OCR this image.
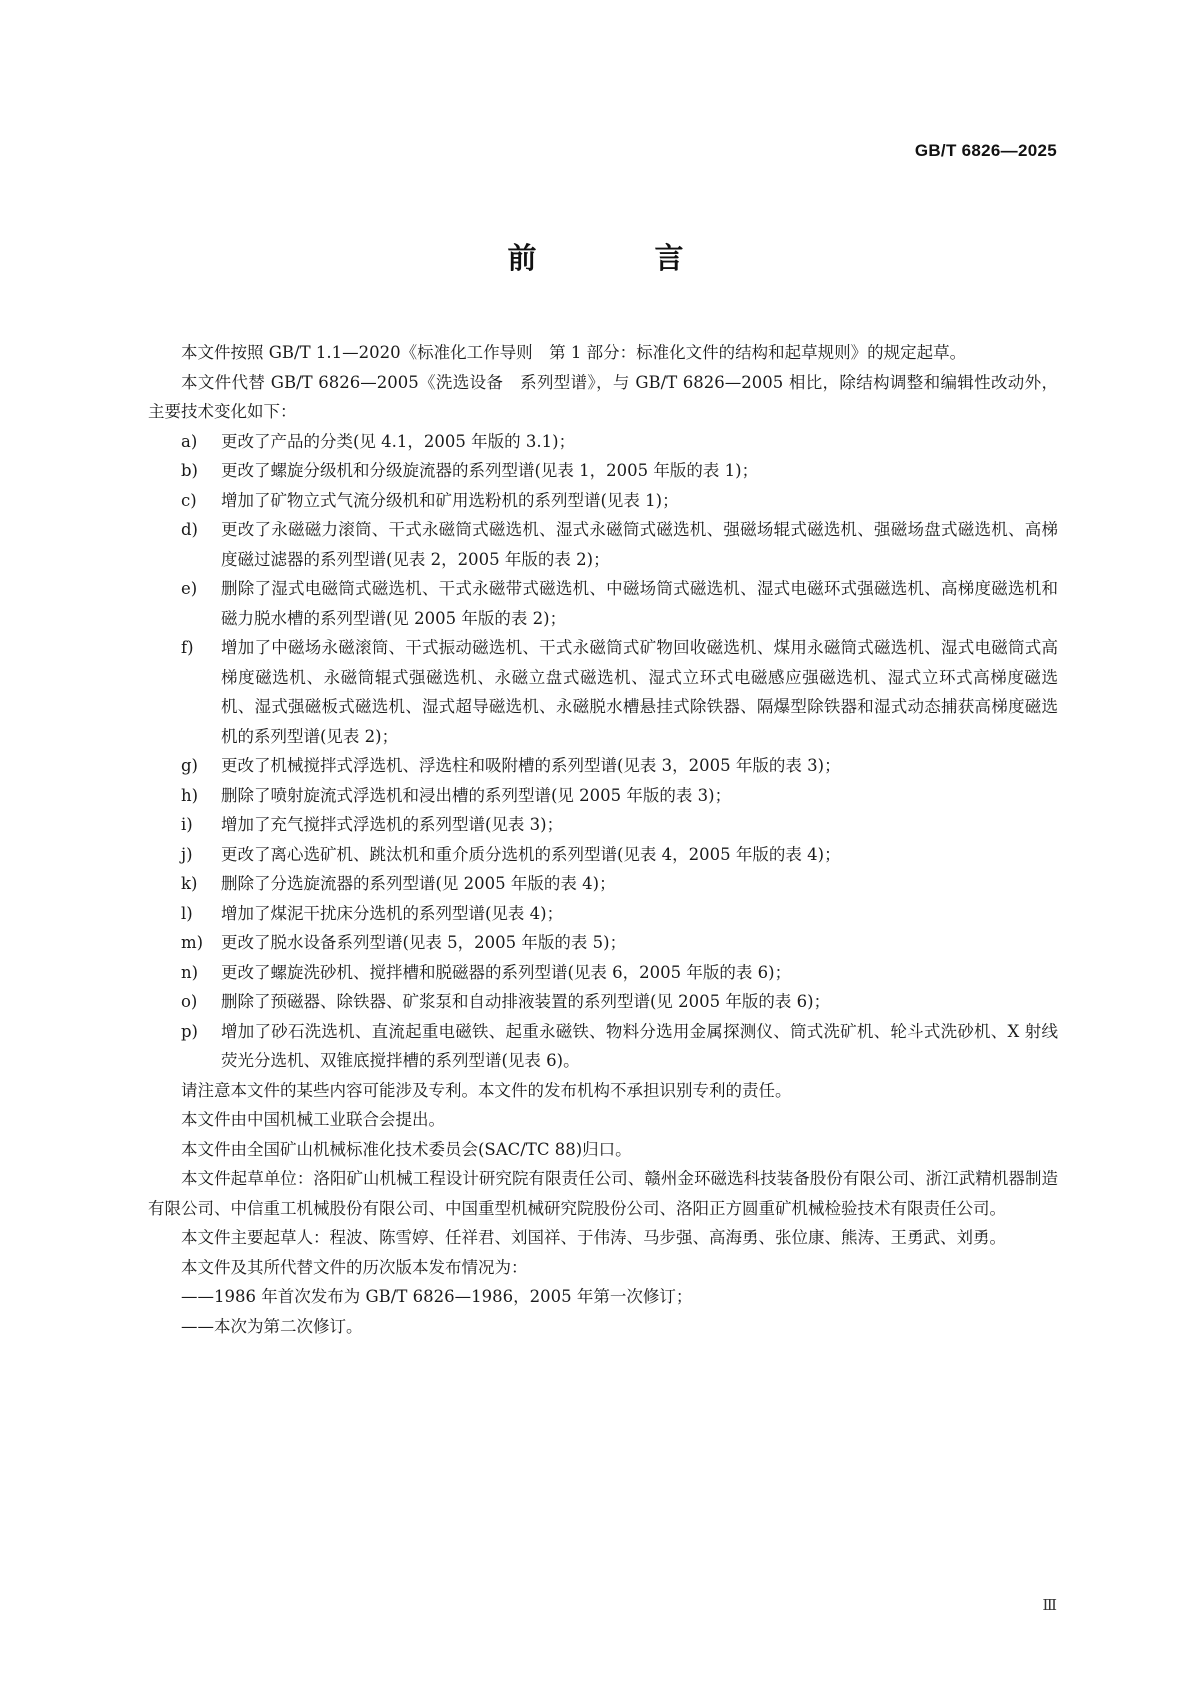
GB/T 6826—2025
前 言

本文件按照 GB/T 1.1—2020《标准化工作导则　第 1 部分：标准化文件的结构和起草规则》的规定起草。

本文件代替 GB/T 6826—2005《洗选设备　系列型谱》，与 GB/T 6826—2005 相比，除结构调整和编辑性改动外，主要技术变化如下：

a) 更改了产品的分类(见 4.1，2005 年版的 3.1)；
b) 更改了螺旋分级机和分级旋流器的系列型谱(见表 1，2005 年版的表 1)；
c) 增加了矿物立式气流分级机和矿用选粉机的系列型谱(见表 1)；
d) 更改了永磁磁力滚筒、干式永磁筒式磁选机、湿式永磁筒式磁选机、强磁场辊式磁选机、强磁场盘式磁选机、高梯度磁过滤器的系列型谱(见表 2，2005 年版的表 2)；
e) 删除了湿式电磁筒式磁选机、干式永磁带式磁选机、中磁场筒式磁选机、湿式电磁环式强磁选机、高梯度磁选机和磁力脱水槽的系列型谱(见 2005 年版的表 2)；
f) 增加了中磁场永磁滚筒、干式振动磁选机、干式永磁筒式矿物回收磁选机、煤用永磁筒式磁选机、湿式电磁筒式高梯度磁选机、永磁筒辊式强磁选机、永磁立盘式磁选机、湿式立环式电磁感应强磁选机、湿式立环式高梯度磁选机、湿式强磁板式磁选机、湿式超导磁选机、永磁脱水槽悬挂式除铁器、隔爆型除铁器和湿式动态捕获高梯度磁选机的系列型谱(见表 2)；
g) 更改了机械搅拌式浮选机、浮选柱和吸附槽的系列型谱(见表 3，2005 年版的表 3)；
h) 删除了喷射旋流式浮选机和浸出槽的系列型谱(见 2005 年版的表 3)；
i) 增加了充气搅拌式浮选机的系列型谱(见表 3)；
j) 更改了离心选矿机、跳汰机和重介质分选机的系列型谱(见表 4，2005 年版的表 4)；
k) 删除了分选旋流器的系列型谱(见 2005 年版的表 4)；
l) 增加了煤泥干扰床分选机的系列型谱(见表 4)；
m) 更改了脱水设备系列型谱(见表 5，2005 年版的表 5)；
n) 更改了螺旋洗砂机、搅拌槽和脱磁器的系列型谱(见表 6，2005 年版的表 6)；
o) 删除了预磁器、除铁器、矿浆泵和自动排液装置的系列型谱(见 2005 年版的表 6)；
p) 增加了砂石洗选机、直流起重电磁铁、起重永磁铁、物料分选用金属探测仪、筒式洗矿机、轮斗式洗砂机、X 射线荧光分选机、双锥底搅拌槽的系列型谱(见表 6)。

请注意本文件的某些内容可能涉及专利。本文件的发布机构不承担识别专利的责任。

本文件由中国机械工业联合会提出。

本文件由全国矿山机械标准化技术委员会(SAC/TC 88)归口。

本文件起草单位：洛阳矿山机械工程设计研究院有限责任公司、赣州金环磁选科技装备股份有限公司、浙江武精机器制造有限公司、中信重工机械股份有限公司、中国重型机械研究院股份公司、洛阳正方圆重矿机械检验技术有限责任公司。

本文件主要起草人：程波、陈雪婷、任祥君、刘国祥、于伟涛、马步强、高海勇、张位康、熊涛、王勇武、刘勇。

本文件及其所代替文件的历次版本发布情况为：

——1986 年首次发布为 GB/T 6826—1986，2005 年第一次修订；

——本次为第二次修订。

Ⅲ
